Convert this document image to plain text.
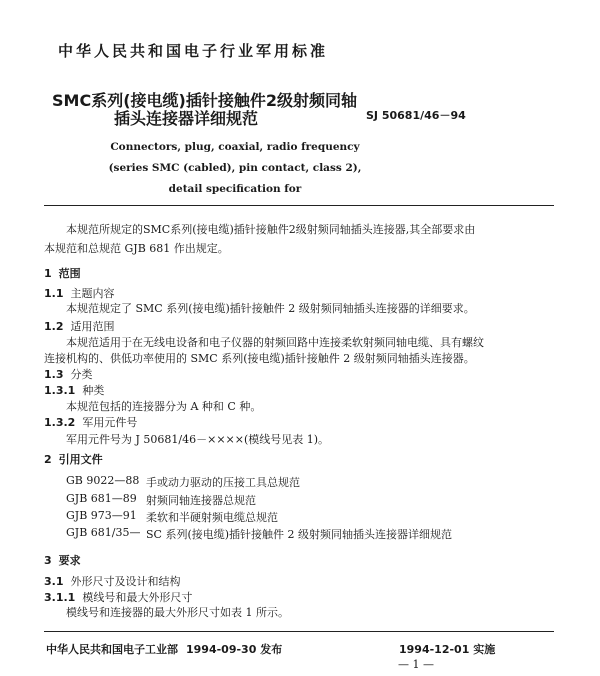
中华人民共和国电子行业军用标准
SMC系列(接电缆)插针接触件2级射频同轴
插头连接器详细规范	SJ 50681/46－94
Connectors, plug, coaxial, radio frequency
(series SMC (cabled), pin contact, class 2),
detail specification for
本规范所规定的SMC系列(接电缆)插针接触件2级射频同轴插头连接器,其全部要求由
本规范和总规范 GJB 681 作出规定。
1 范围
1.1 主题内容
本规范规定了 SMC 系列(接电缆)插针接触件 2 级射频同轴插头连接器的详细要求。
1.2 适用范围
本规范适用于在无线电设备和电子仪器的射频回路中连接柔软射频同轴电缆、具有螺纹
连接机构的、供低功率使用的 SMC 系列(接电缆)插针接触件 2 级射频同轴插头连接器。
1.3 分类
1.3.1 种类
本规范包括的连接器分为 A 种和 C 种。
1.3.2 军用元件号
军用元件号为 J 50681/46－××××(模线号见表 1)。
2 引用文件
GB 9022—88 手或动力驱动的压接工具总规范
GJB 681—89 射频同轴连接器总规范
GJB 973—91 柔软和半硬射频电缆总规范
GJB 681/35— SC 系列(接电缆)插针接触件 2 级射频同轴插头连接器详细规范
3 要求
3.1 外形尺寸及设计和结构
3.1.1 模线号和最大外形尺寸
模线号和连接器的最大外形尺寸如表 1 所示。
中华人民共和国电子工业部 1994-09-30 发布	1994-12-01 实施
— 1 —
